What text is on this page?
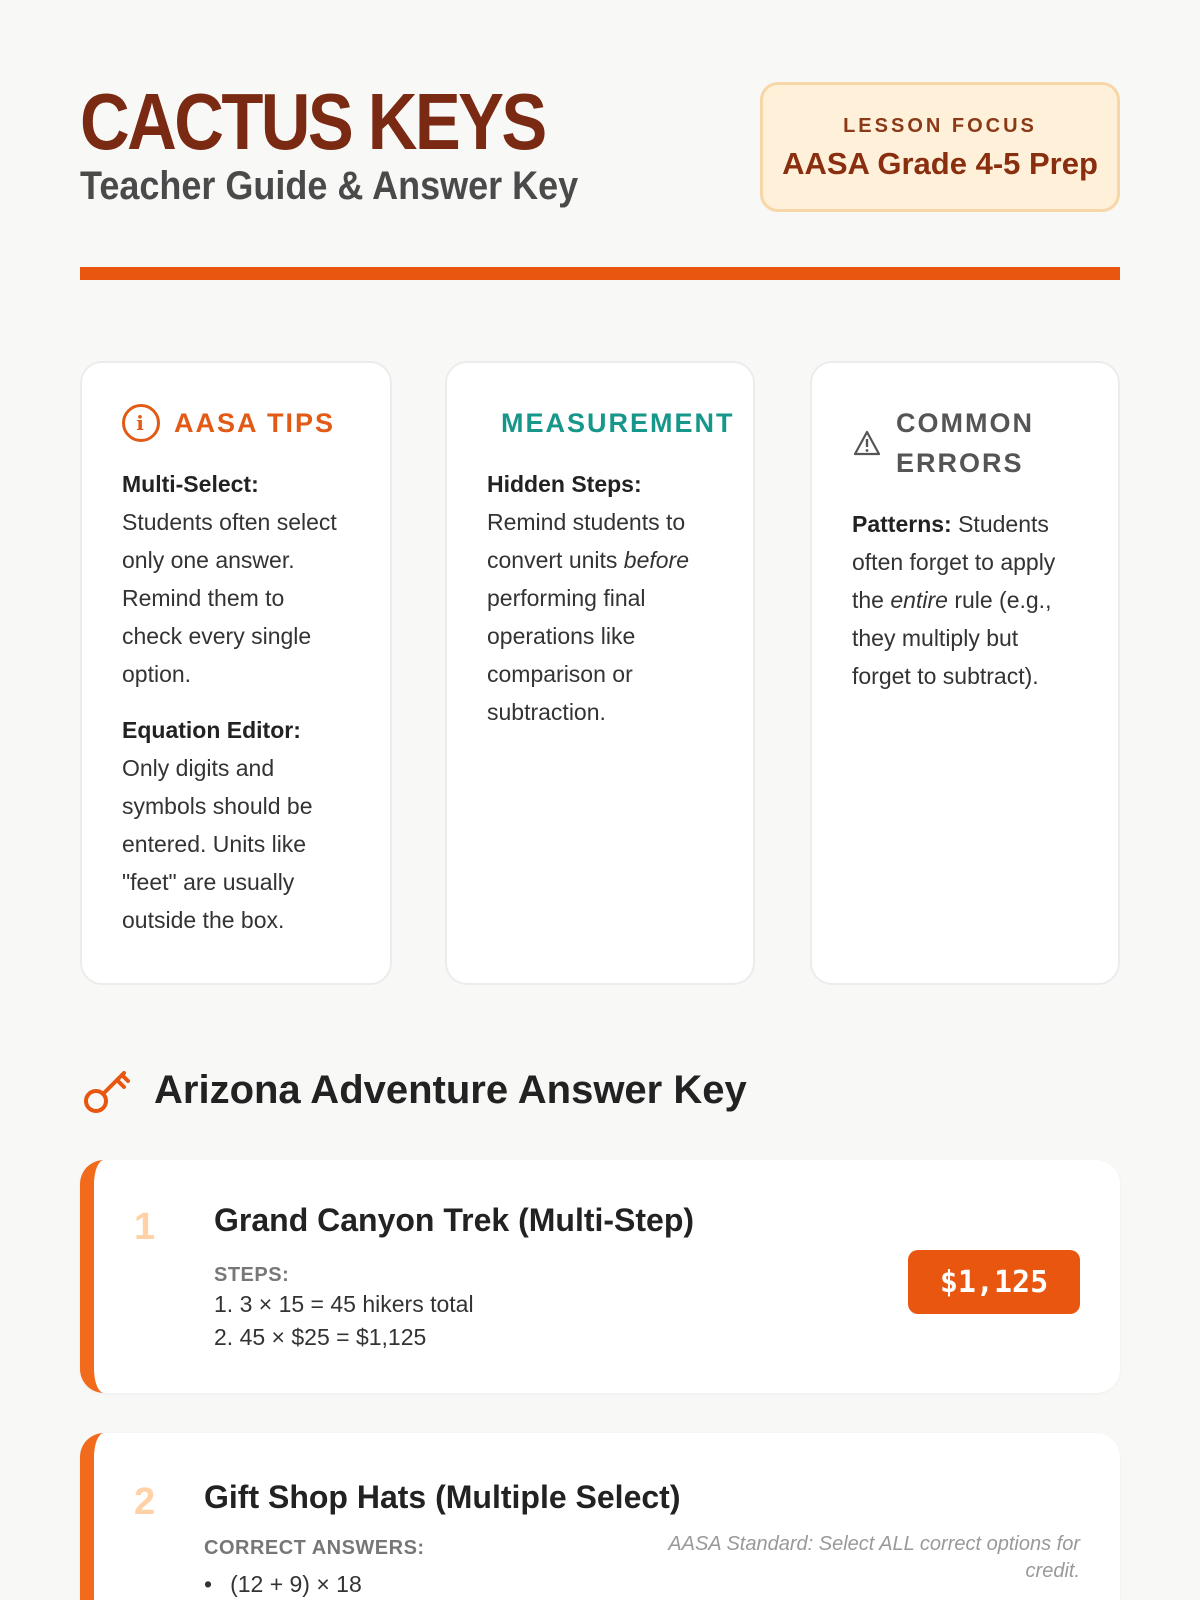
CACTUS KEYS
Teacher Guide & Answer Key
LESSON FOCUS
AASA Grade 4-5 Prep
i	AASA TIPS

Multi-Select: Students often select only one answer. Remind them to check every single option.

Equation Editor: Only digits and symbols should be entered. Units like "feet" are usually outside the box.

MEASUREMENT

Hidden Steps:
Remind students to convert units before performing final operations like comparison or subtraction.

COMMON ERRORS

Patterns: Students often forget to apply the entire rule (e.g., they multiply but forget to subtract).

Arizona Adventure Answer Key
1 Grand Canyon Trek (Multi-Step)
STEPS:
1. 3 × 15 = 45 hikers total
2. 45 × $25 = $1,125
$1,125
2 Gift Shop Hats (Multiple Select)
CORRECT ANSWERS:
• (12 + 9) × 18
AASA Standard: Select ALL correct options for credit.
